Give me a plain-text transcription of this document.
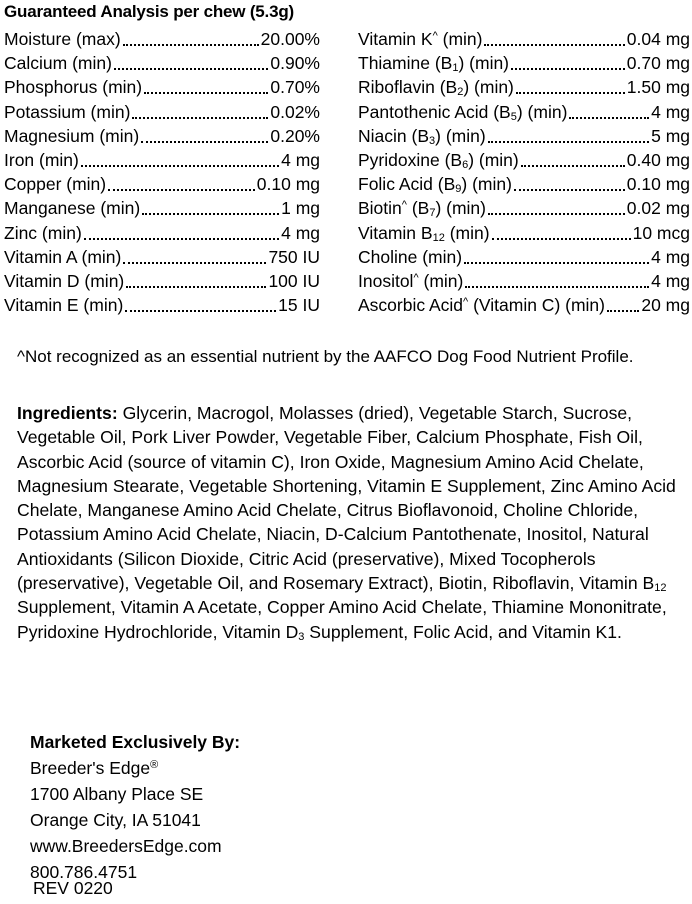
Guaranteed Analysis per chew (5.3g)
Moisture (max)	20.00%
Calcium (min)	0.90%
Phosphorus (min)	0.70%
Potassium (min)	0.02%
Magnesium (min)	0.20%
Iron (min)	4 mg
Copper (min)	0.10 mg
Manganese (min)	1 mg
Zinc (min)	4 mg
Vitamin A (min)	750 IU
Vitamin D (min)	100 IU
Vitamin E (min)	15 IU
Vitamin K^ (min)	0.04 mg
Thiamine $(B_1)$ (min)	0.70 mg
Riboflavin $(B_2)$ (min)	1.50 mg
Pantothenic Acid $(B_5)$ (min)	4 mg
Niacin $(B_3)$ (min)	5 mg
Pyridoxine $(B_6)$ (min)	0.40 mg
Folic Acid $(B_9)$ (min)	0.10 mg
Biotin^ $(B_7)$ (min)	0.02 mg
Vitamin $B_{12}$ (min)	10 mcg
Choline (min)	4 mg
Inositol^ (min)	4 mg
Ascorbic Acid^ (Vitamin C) (min) 20 mg
^Not recognized as an essential nutrient by the AAFCO Dog Food Nutrient Profile.
Ingredients: Glycerin, Macrogol, Molasses (dried), Vegetable Starch, Sucrose, Vegetable Oil, Pork Liver Powder, Vegetable Fiber, Calcium Phosphate, Fish Oil, Ascorbic Acid (source of vitamin C), Iron Oxide, Magnesium Amino Acid Chelate, Magnesium Stearate, Vegetable Shortening, Vitamin E Supplement, Zinc Amino Acid Chelate, Manganese Amino Acid Chelate, Citrus Bioflavonoid, Choline Chloride, Potassium Amino Acid Chelate, Niacin, D-Calcium Pantothenate, Inositol, Natural Antioxidants (Silicon Dioxide, Citric Acid (preservative), Mixed Tocopherols (preservative), Vegetable Oil, and Rosemary Extract), Biotin, Riboflavin, Vitamin $B_{12}$ Supplement, Vitamin A Acetate, Copper Amino Acid Chelate, Thiamine Mononitrate, Pyridoxine Hydrochloride, Vitamin $D_3$ Supplement, Folic Acid, and Vitamin K1.
Marketed Exclusively By:
Breeder's Edge®
1700 Albany Place SE
Orange City, IA 51041
www.BreedersEdge.com
800.786.4751
REV 0220
